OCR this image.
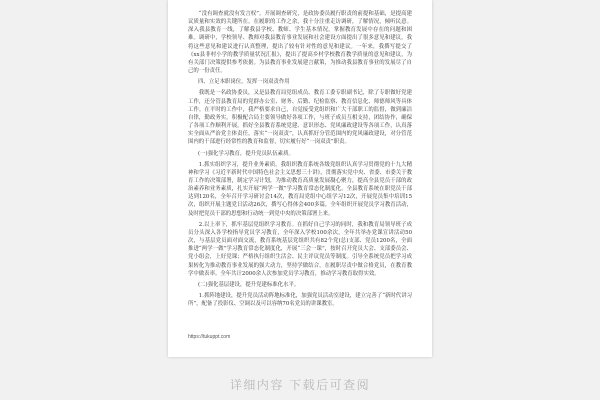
“没有调查就没有发言权”。开展调查研究，是政协委员履行职责的前提和基础，是提高建议质量和实效的关键所在。在履职的工作之余，我十分注重走访调研，了解情况，倾听民意。深入我县教育一线，了解我县学校、教师、学生基本情况，掌握教育发展中存在的问题和困难。调研中，学校领导、教师对我县教育事业发展和社会建设方面提出了很多意见和建议，我将这些意见和建议进行认真整理，提出了较有针对性的意见和建议。一年来，我撰写提交了《xx县非村小学的教学质量状况汇报》，提出了提高乡村学校教育教学质量的意见和建议，为有关部门决策提供参考依据。为县教育事业发展建言献策，为推动我县教育事业的发展尽了自己的一份责任。

四、立足本职岗位，发挥一岗双责作用

我既是一名政协委员，又是县教育局党组成员、教育工委专职副书记，除了专职做好党建工作，还分管县教育局的党群办公室、财务、后勤、纪检监察、教育信息化、师德师风等具体工作。在平时的工作中，我严格要求自己，自觉接受党组织和广大干部职工的监督，做到廉洁自律，勤政务实。积极配合局主要领导做好各项工作，与班子成员互相支持，团结协作，确保了各项工作顺利开展，抓好全县教育系统党建、意识形态、党风廉政建设等各项工作，认真落实全面从严治党主体责任，落实“一岗双责”，认真抓好分管范围内的党风廉政建设，对分管范围内的干部进行经常性的教育和监督，切实履行好“一岗双责”职责。

(一)强化学习教育，提升党员队伍素质。

1.抓实组织学习，提升业务素质。我组织教育系统各级党组织认真学习贯彻党的十九大精神和学习《习近平新时代中国特色社会主义思想三十讲》，贯彻落实党中央、省委、市委关于教育工作的决策部署，制定学习计划，为推动教育高质量发展凝心聚力，提高全县党员干部的政治素养和业务素质，扎实开展“两学一做”学习教育常态化制度化。全县教育系统在职党员干部达到120名，全年召开学习研讨会14次，教育局党组中心组学习12次，开展党员集中培训15次，组织开展主题党日活动26次，撰写心得体会400多篇，全年组织开展党员学习教育活动，及时把党员干部的思想和行动统一到党中央的决策部署上来。

2.以上率下，抓牢基层党组织学习教育。在抓好自己学习的同时，我和教育局领导班子成员分头深入各学校指导党员学习教育，全年深入学校100余次，全年共举办党课宣讲活动50次，与基层党员面对面交流，教育系统基层党组织共有82个党(总)支部、党员1200名，全面推进“两学一做”学习教育常态化制度化，开展“三会一课”，按时召开党员大会、支部委员会、党小组会，上好党课；严格执行组织生活会、民主评议党员等制度。引导全系统党员把学习成果转化为推动教育事业发展的强大动力，坚持学做结合，在履职尽责中做合格党员，在教育教学中做表率。全年共计2000余人次参加党员学习教育，推动学习教育取得实效。

(二)强化基层建设，提升党建标准化水平。

1.抓阵地建设，提升党员活动阵地标准化，加强党员活动室建设，建立完善了“新时代讲习所”，配备了投影仪、空调以及可以容纳70名党员的讲课教室。

https://tukuppt.com
详细内容 下载后可查阅
